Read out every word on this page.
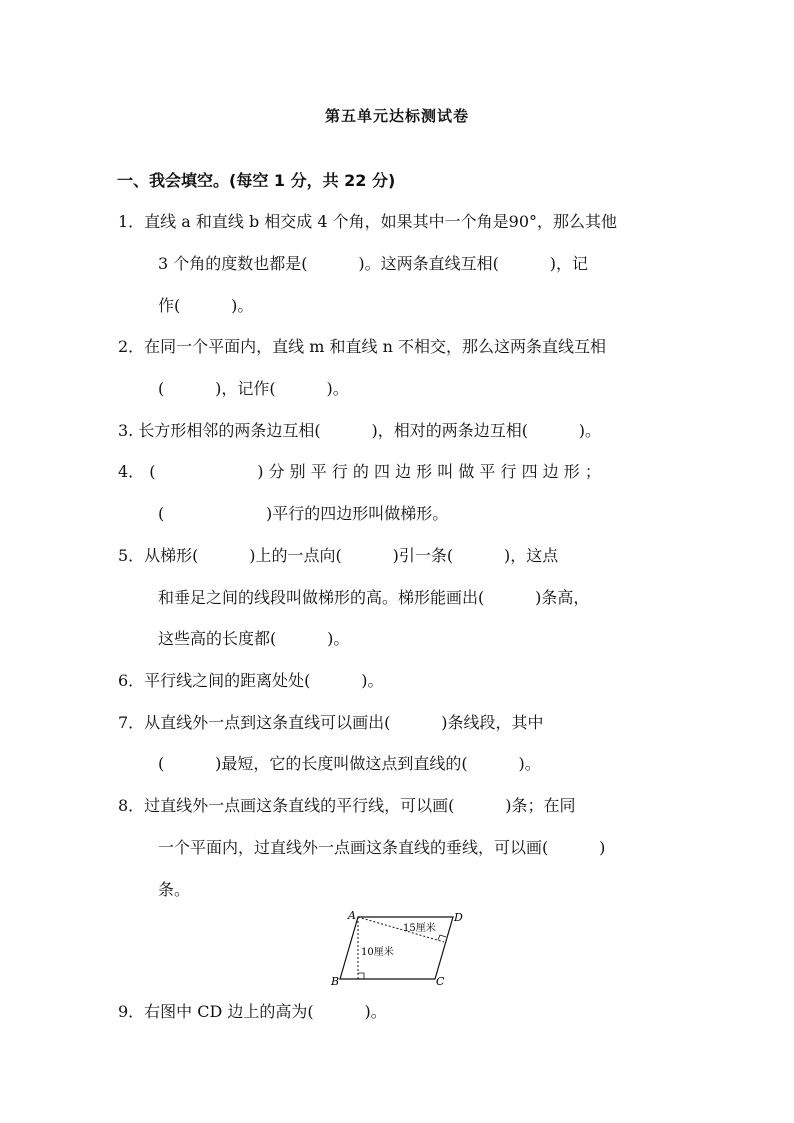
第五单元达标测试卷
一、我会填空。(每空 1 分，共 22 分)
1．直线 a 和直线 b 相交成 4 个角，如果其中一个角是90°，那么其他
3 个角的度数也都是(          )。这两条直线互相(          )，记
作(          )。
2．在同一个平面内，直线 m 和直线 n 不相交，那么这两条直线互相
(          )，记作(          )。
3. 长方形相邻的两条边互相(          )，相对的两条边互相(          )。
4． (                    ) 分 别 平 行 的 四 边 形 叫 做 平 行 四 边 形 ；
(                    )平行的四边形叫做梯形。
5．从梯形(          )上的一点向(          )引一条(          )，这点
和垂足之间的线段叫做梯形的高。梯形能画出(          )条高，
这些高的长度都(          )。
6．平行线之间的距离处处(          )。
7．从直线外一点到这条直线可以画出(          )条线段，其中
(          )最短，它的长度叫做这点到直线的(          )。
8．过直线外一点画这条直线的平行线，可以画(          )条；在同
一个平面内，过直线外一点画这条直线的垂线，可以画(          )
条。
A
B	C
D
15厘米
10厘米
9．右图中 CD 边上的高为(          )。
